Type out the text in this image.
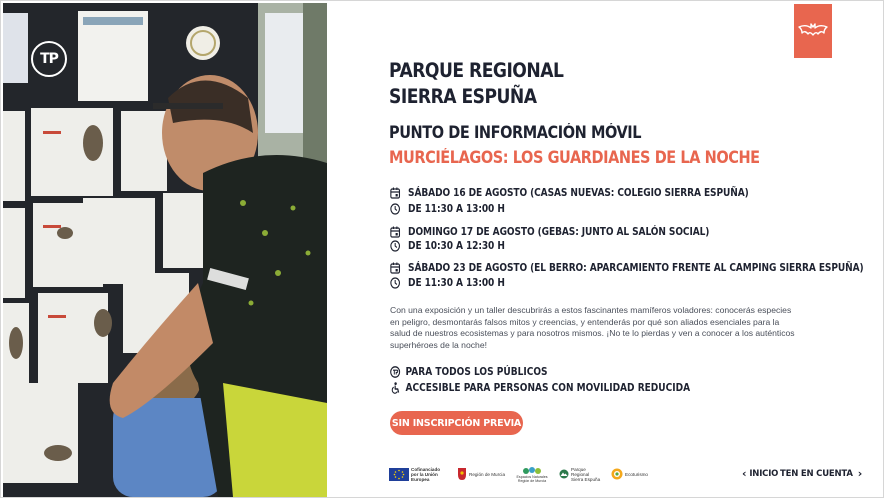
TP	PARQUE REGIONAL
SIERRA ESPUÑA
PUNTO DE INFORMACIÓN MÓVIL
MURCIÉLAGOS: LOS GUARDIANES DE LA NOCHE
SÁBADO 16 DE AGOSTO (CASAS NUEVAS: COLEGIO SIERRA ESPUÑA)
DE 11:30 A 13:00 H
DOMINGO 17 DE AGOSTO (GEBAS: JUNTO AL SALÓN SOCIAL)
DE 10:30 A 12:30 H
SÁBADO 23 DE AGOSTO (EL BERRO: APARCAMIENTO FRENTE AL CAMPING SIERRA ESPUÑA)
DE 11:30 A 13:00 H

Con una exposición y un taller descubrirás a estos fascinantes mamíferos voladores: conocerás especies en peligro, desmontarás falsos mitos y creencias, y entenderás por qué son aliados esenciales para la salud de nuestros ecosistemas y para nosotros mismos. ¡No te lo pierdas y ven a conocer a los auténticos superhéroes de la noche!

PARA TODOS LOS PÚBLICOS
ACCESIBLE PARA PERSONAS CON MOVILIDAD REDUCIDA
SIN INSCRIPCIÓN PREVIA
Cofinanciado por la Unión Europea
Región de Murcia	Espacios Naturales Región de Murcia
Parque Regional Sierra Espuña
Ecoturismo	‹ INICIO TEN EN CUENTA ›
